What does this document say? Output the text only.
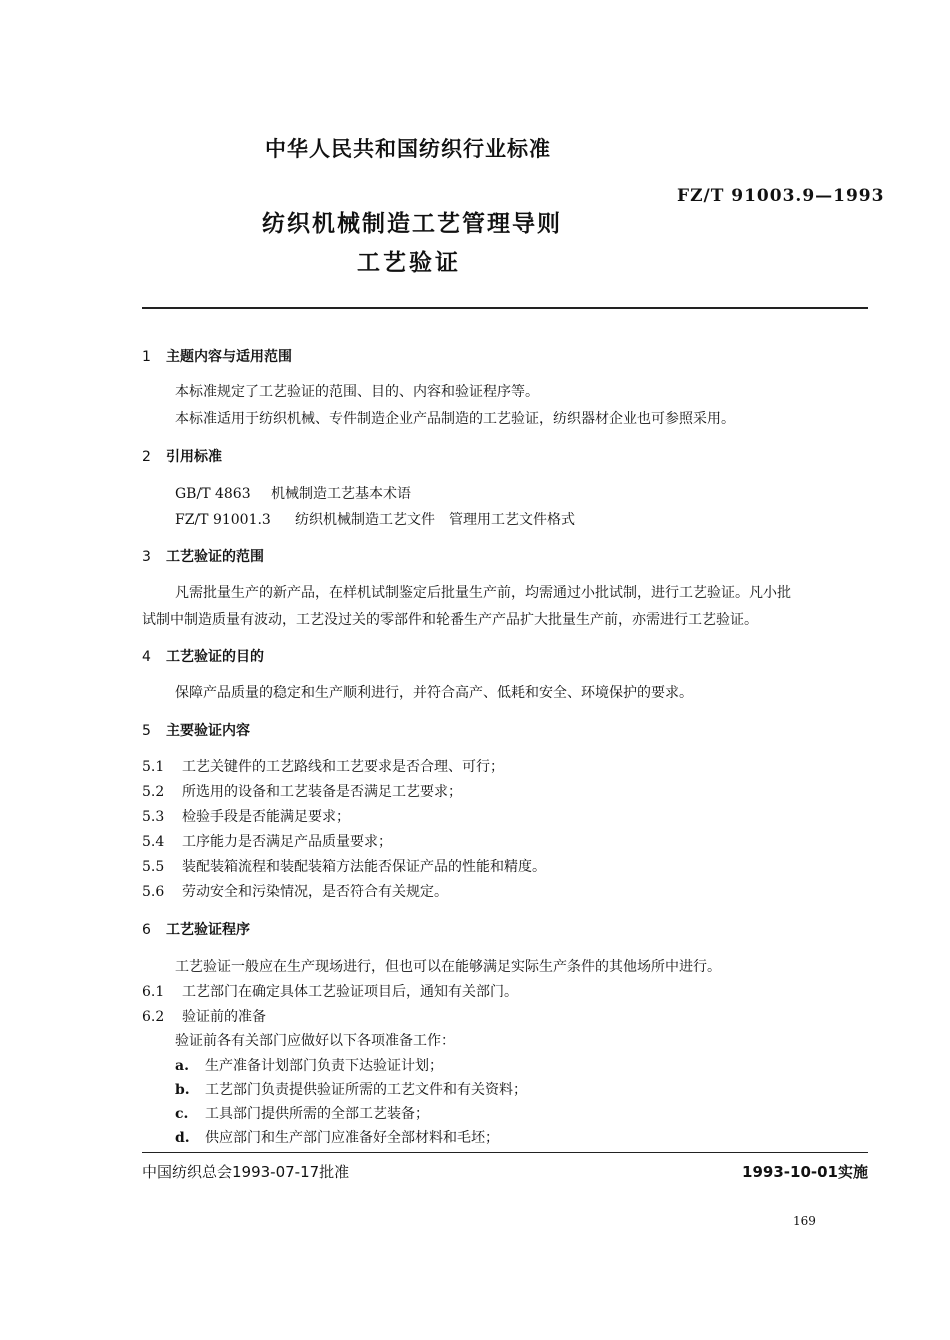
中华人民共和国纺织行业标准
FZ/T 91003.9—1993
纺织机械制造工艺管理导则
工艺验证
1 主题内容与适用范围
本标准规定了工艺验证的范围、目的、内容和验证程序等。
本标准适用于纺织机械、专件制造企业产品制造的工艺验证，纺织器材企业也可参照采用。
2 引用标准
GB/T 4863 机械制造工艺基本术语
FZ/T 91001.3 纺织机械制造工艺文件　管理用工艺文件格式
3 工艺验证的范围
凡需批量生产的新产品，在样机试制鉴定后批量生产前，均需通过小批试制，进行工艺验证。凡小批
试制中制造质量有波动，工艺没过关的零部件和轮番生产产品扩大批量生产前，亦需进行工艺验证。
4 工艺验证的目的
保障产品质量的稳定和生产顺利进行，并符合高产、低耗和安全、环境保护的要求。
5 主要验证内容
5.1 工艺关键件的工艺路线和工艺要求是否合理、可行；
5.2 所选用的设备和工艺装备是否满足工艺要求；
5.3 检验手段是否能满足要求；
5.4 工序能力是否满足产品质量要求；
5.5 装配装箱流程和装配装箱方法能否保证产品的性能和精度。
5.6 劳动安全和污染情况，是否符合有关规定。
6 工艺验证程序
工艺验证一般应在生产现场进行，但也可以在能够满足实际生产条件的其他场所中进行。
6.1 工艺部门在确定具体工艺验证项目后，通知有关部门。
6.2 验证前的准备
验证前各有关部门应做好以下各项准备工作：
a. 生产准备计划部门负责下达验证计划；
b. 工艺部门负责提供验证所需的工艺文件和有关资料；
c. 工具部门提供所需的全部工艺装备；
d. 供应部门和生产部门应准备好全部材料和毛坯；
中国纺织总会1993-07-17批准	1993-10-01实施
169
